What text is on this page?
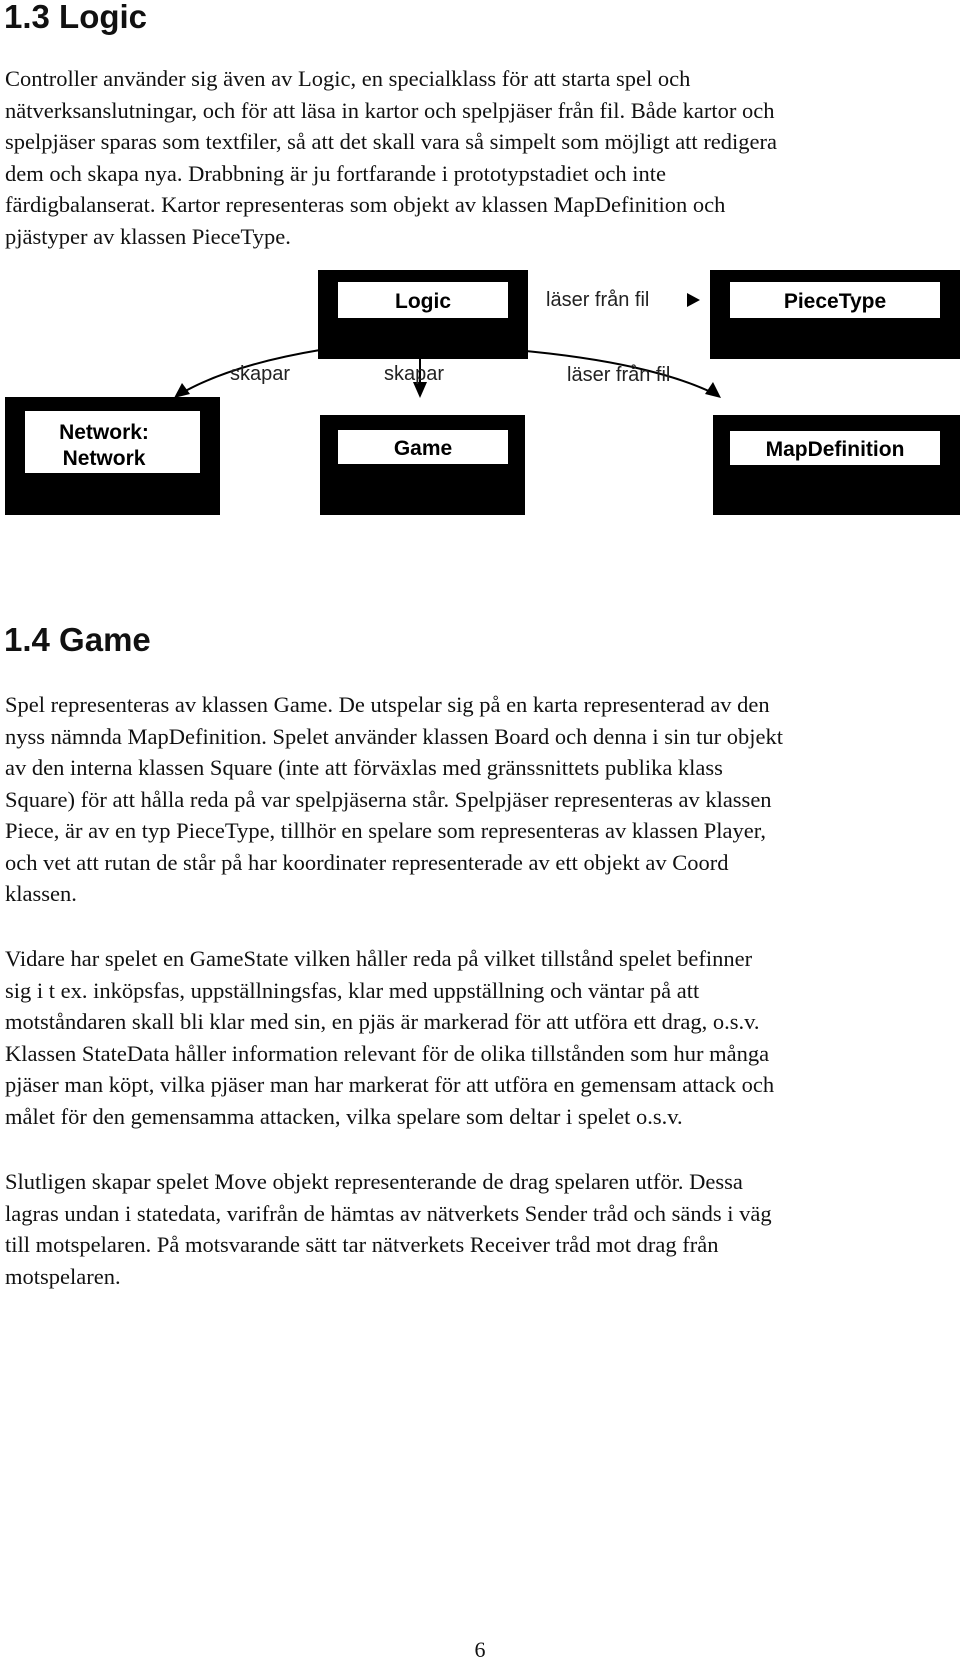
1.3 Logic

Controller använder sig även av Logic, en specialklass för att starta spel och
nätverksanslutningar, och för att läsa in kartor och spelpjäser från fil. Både kartor och
spelpjäser sparas som textfiler, så att det skall vara så simpelt som möjligt att redigera
dem och skapa nya. Drabbning är ju fortfarande i prototypstadiet och inte
färdigbalanserat. Kartor representeras som objekt av klassen MapDefinition och
pjästyper av klassen PieceType.

Logic	PieceType
Network:
Network	Game	MapDefinition
läser från fil
skapar	skapar	läser från fil
1.4 Game

Spel representeras av klassen Game. De utspelar sig på en karta representerad av den
nyss nämnda MapDefinition. Spelet använder klassen Board och denna i sin tur objekt
av den interna klassen Square (inte att förväxlas med gränssnittets publika klass
Square) för att hålla reda på var spelpjäserna står. Spelpjäser representeras av klassen
Piece, är av en typ PieceType, tillhör en spelare som representeras av klassen Player,
och vet att rutan de står på har koordinater representerade av ett objekt av Coord
klassen.

Vidare har spelet en GameState vilken håller reda på vilket tillstånd spelet befinner
sig i t ex. inköpsfas, uppställningsfas, klar med uppställning och väntar på att
motståndaren skall bli klar med sin, en pjäs är markerad för att utföra ett drag, o.s.v.
Klassen StateData håller information relevant för de olika tillstånden som hur många
pjäser man köpt, vilka pjäser man har markerat för att utföra en gemensam attack och
målet för den gemensamma attacken, vilka spelare som deltar i spelet o.s.v.

Slutligen skapar spelet Move objekt representerande de drag spelaren utför. Dessa
lagras undan i statedata, varifrån de hämtas av nätverkets Sender tråd och sänds i väg
till motspelaren. På motsvarande sätt tar nätverkets Receiver tråd mot drag från
motspelaren.

6
